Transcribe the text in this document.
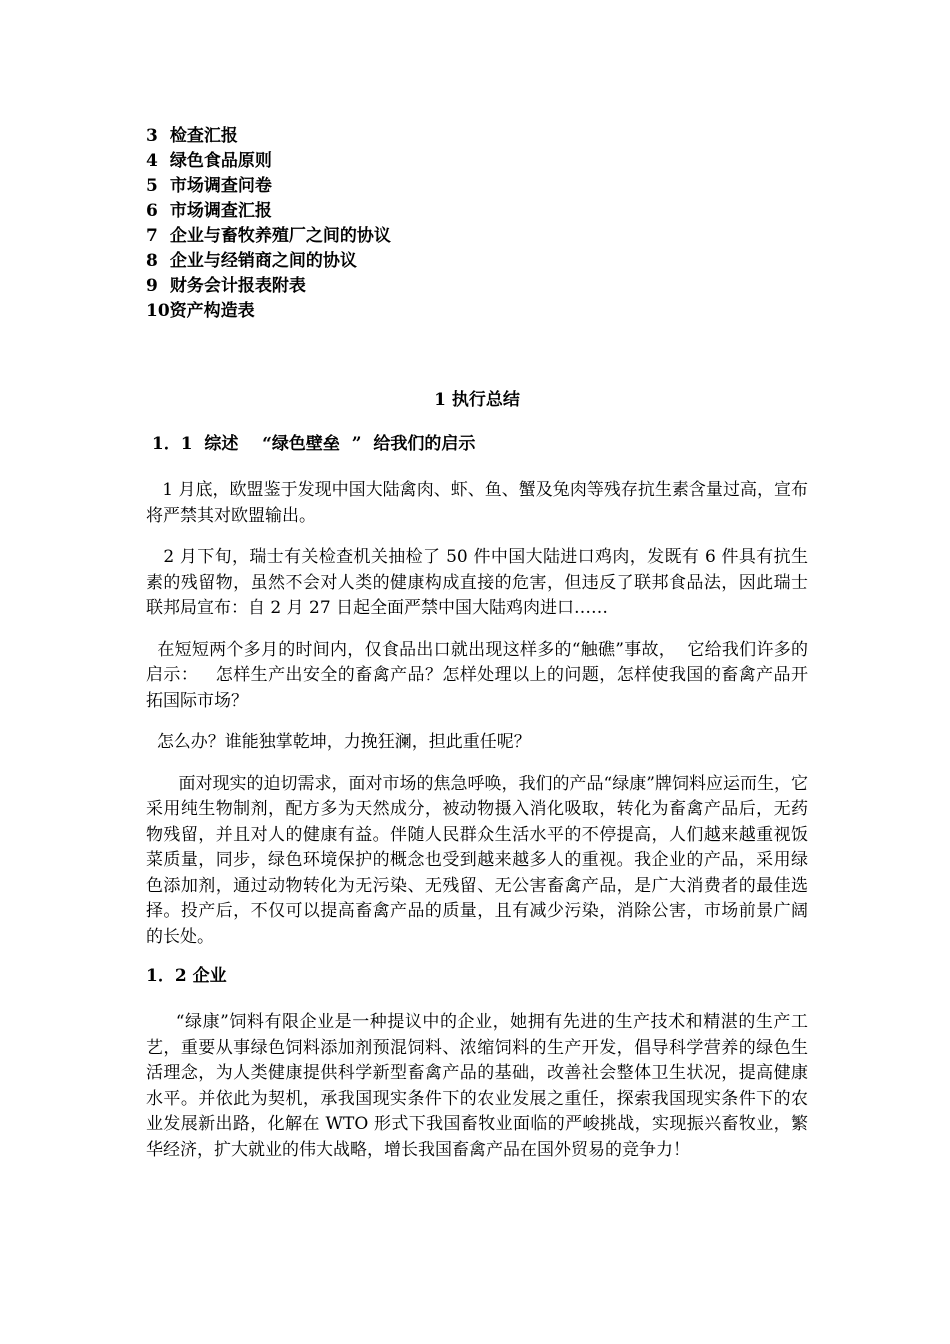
3 检查汇报
4 绿色食品原则
5 市场调查问卷
6 市场调查汇报
7 企业与畜牧养殖厂之间的协议
8 企业与经销商之间的协议
9 财务会计报表附表
10资产构造表
1 执行总结
1．1  综述    “绿色壁垒  ”  给我们的启示

1 月底，欧盟鉴于发现中国大陆禽肉、虾、鱼、蟹及兔肉等残存抗生素含量过高，宣布将严禁其对欧盟输出。

2 月下旬，瑞士有关检查机关抽检了 50 件中国大陆进口鸡肉，发既有 6 件具有抗生素的残留物，虽然不会对人类的健康构成直接的危害，但违反了联邦食品法，因此瑞士联邦局宣布：自 2 月 27 日起全面严禁中国大陆鸡肉进口……

在短短两个多月的时间内，仅食品出口就出现这样多的“触礁”事故，  它给我们许多的启示：   怎样生产出安全的畜禽产品？怎样处理以上的问题，怎样使我国的畜禽产品开拓国际市场？

怎么办？谁能独掌乾坤，力挽狂澜，担此重任呢？

面对现实的迫切需求，面对市场的焦急呼唤，我们的产品“绿康”牌饲料应运而生，它采用纯生物制剂，配方多为天然成分，被动物摄入消化吸取，转化为畜禽产品后，无药物残留，并且对人的健康有益。伴随人民群众生活水平的不停提高，人们越来越重视饭菜质量，同步，绿色环境保护的概念也受到越来越多人的重视。我企业的产品，采用绿色添加剂，通过动物转化为无污染、无残留、无公害畜禽产品，是广大消费者的最佳选择。投产后，不仅可以提高畜禽产品的质量，且有减少污染，消除公害，市场前景广阔的长处。

1．2 企业

“绿康”饲料有限企业是一种提议中的企业，她拥有先进的生产技术和精湛的生产工艺，重要从事绿色饲料添加剂预混饲料、浓缩饲料的生产开发，倡导科学营养的绿色生活理念，为人类健康提供科学新型畜禽产品的基础，改善社会整体卫生状况，提高健康水平。并依此为契机，承我国现实条件下的农业发展之重任，探索我国现实条件下的农业发展新出路，化解在 WTO 形式下我国畜牧业面临的严峻挑战，实现振兴畜牧业，繁华经济，扩大就业的伟大战略，增长我国畜禽产品在国外贸易的竞争力！
